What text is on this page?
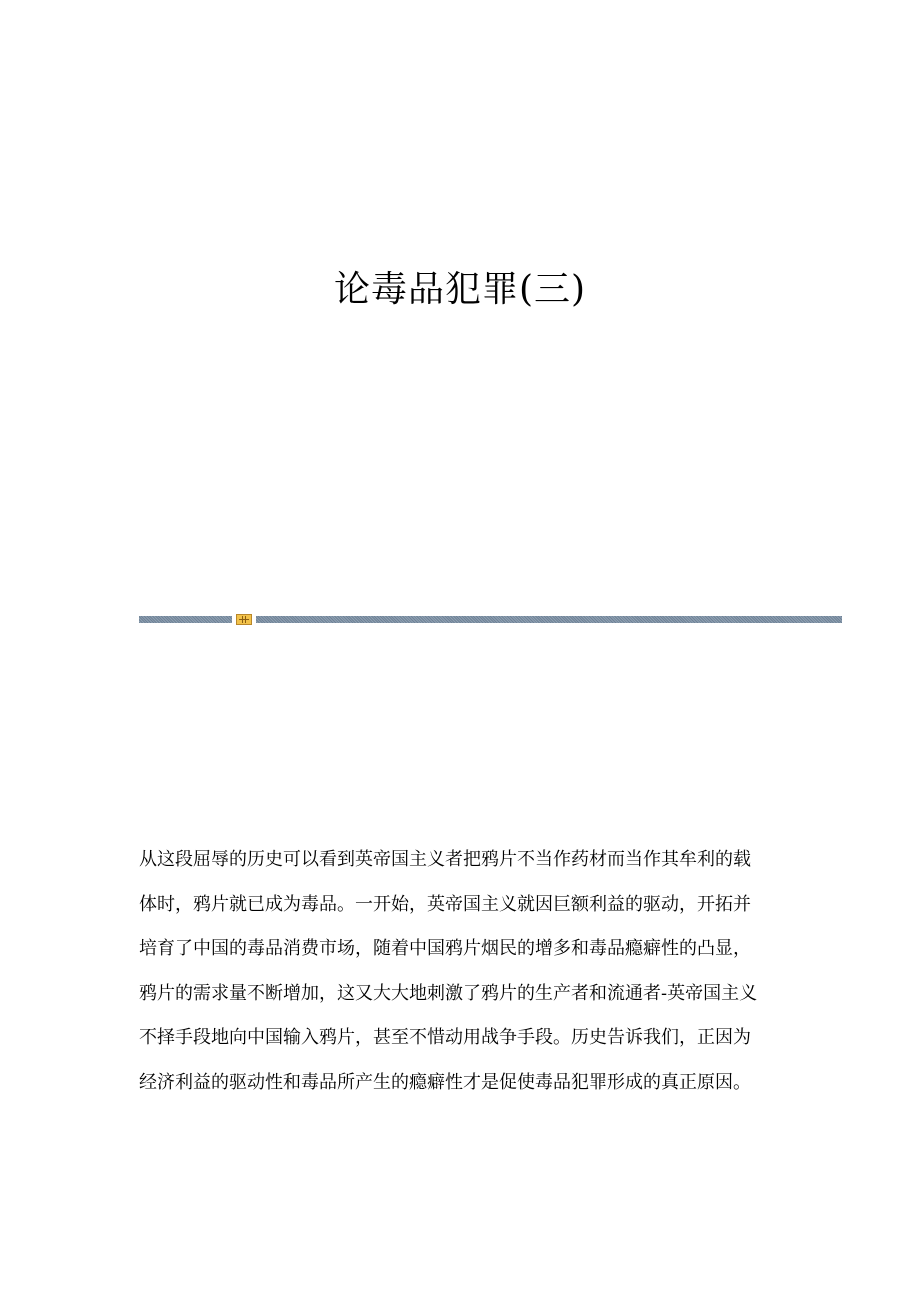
论毒品犯罪(三)

从这段屈辱的历史可以看到英帝国主义者把鸦片不当作药材而当作其牟利的载
体时，鸦片就已成为毒品。一开始，英帝国主义就因巨额利益的驱动，开拓并
培育了中国的毒品消费市场，随着中国鸦片烟民的增多和毒品瘾癖性的凸显，
鸦片的需求量不断增加，这又大大地刺激了鸦片的生产者和流通者-英帝国主义
不择手段地向中国输入鸦片，甚至不惜动用战争手段。历史告诉我们，正因为
经济利益的驱动性和毒品所产生的瘾癖性才是促使毒品犯罪形成的真正原因。
